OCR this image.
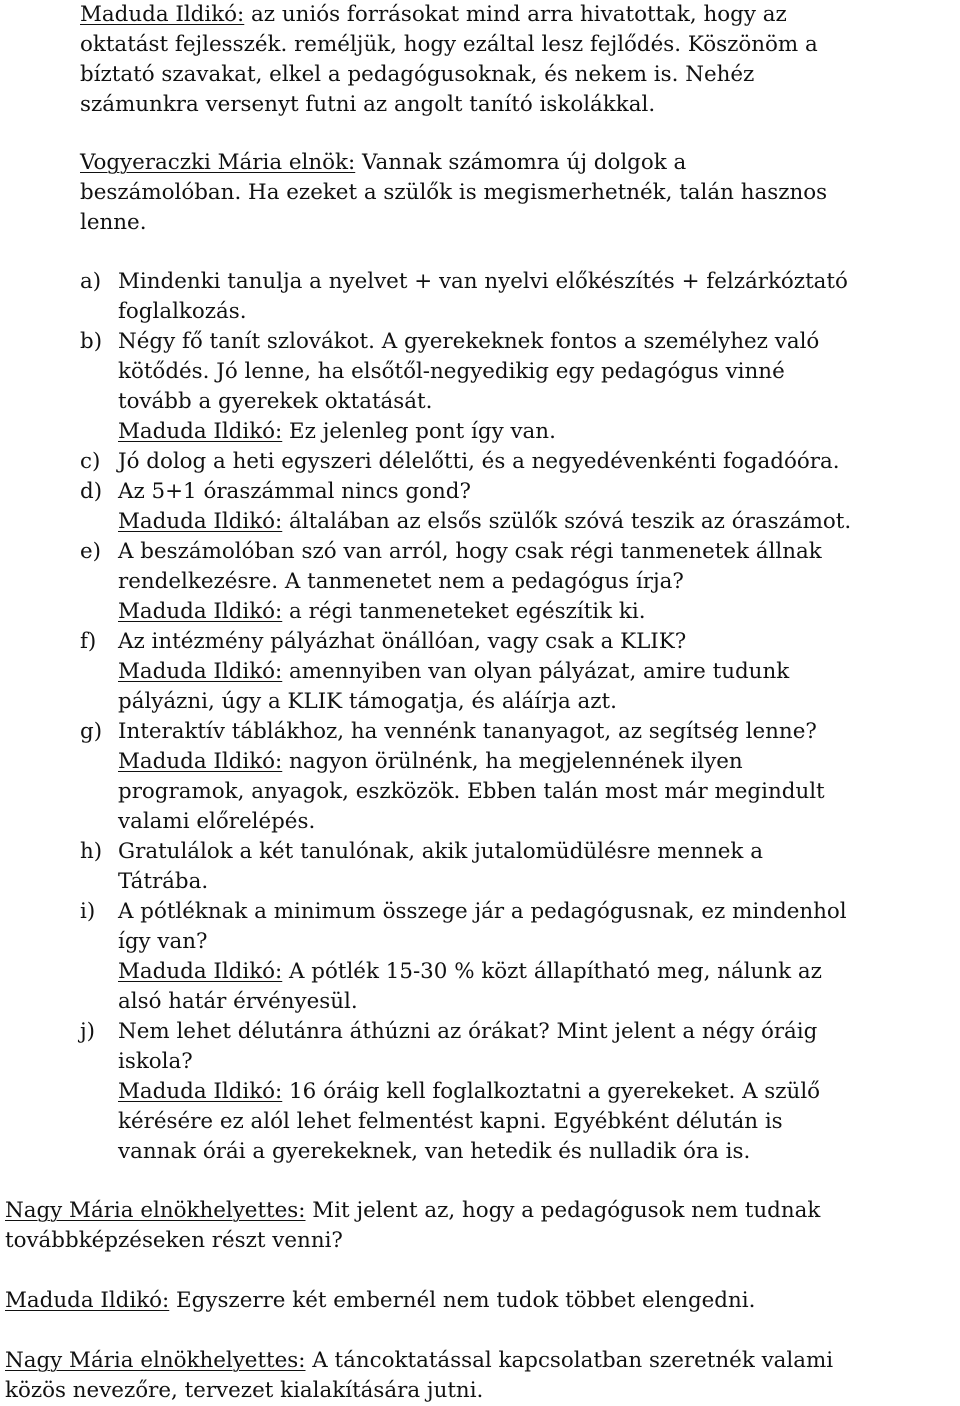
Maduda Ildikó: az uniós forrásokat mind arra hivatottak, hogy az
oktatást fejlesszék. reméljük, hogy ezáltal lesz fejlődés. Köszönöm a
bíztató szavakat, elkel a pedagógusoknak, és nekem is. Nehéz
számunkra versenyt futni az angolt tanító iskolákkal.
Vogyeraczki Mária elnök: Vannak számomra új dolgok a
beszámolóban. Ha ezeket a szülők is megismerhetnék, talán hasznos
lenne.
a) Mindenki tanulja a nyelvet + van nyelvi előkészítés + felzárkóztató
foglalkozás.
b) Négy fő tanít szlovákot. A gyerekeknek fontos a személyhez való
kötődés. Jó lenne, ha elsőtől-negyedikig egy pedagógus vinné
tovább a gyerekek oktatását.
Maduda Ildikó: Ez jelenleg pont így van.
c) Jó dolog a heti egyszeri délelőtti, és a negyedévenkénti fogadóóra.
d) Az 5+1 óraszámmal nincs gond?
Maduda Ildikó: általában az elsős szülők szóvá teszik az óraszámot.
e) A beszámolóban szó van arról, hogy csak régi tanmenetek állnak
rendelkezésre. A tanmenetet nem a pedagógus írja?
Maduda Ildikó: a régi tanmeneteket egészítik ki.
f)	Az intézmény pályázhat önállóan, vagy csak a KLIK?
Maduda Ildikó: amennyiben van olyan pályázat, amire tudunk
pályázni, úgy a KLIK támogatja, és aláírja azt.
g) Interaktív táblákhoz, ha vennénk tananyagot, az segítség lenne?
Maduda Ildikó: nagyon örülnénk, ha megjelennének ilyen
programok, anyagok, eszközök. Ebben talán most már megindult
valami előrelépés.
h) Gratulálok a két tanulónak, akik jutalomüdülésre mennek a
Tátrába.
i)	A pótléknak a minimum összege jár a pedagógusnak, ez mindenhol
így van?
Maduda Ildikó: A pótlék 15-30 % közt állapítható meg, nálunk az
alsó határ érvényesül.
j)	Nem lehet délutánra áthúzni az órákat? Mint jelent a négy óráig
iskola?
Maduda Ildikó: 16 óráig kell foglalkoztatni a gyerekeket. A szülő
kérésére ez alól lehet felmentést kapni. Egyébként délután is
vannak órái a gyerekeknek, van hetedik és nulladik óra is.
Nagy Mária elnökhelyettes: Mit jelent az, hogy a pedagógusok nem tudnak
továbbképzéseken részt venni?
Maduda Ildikó: Egyszerre két embernél nem tudok többet elengedni.
Nagy Mária elnökhelyettes: A táncoktatással kapcsolatban szeretnék valami
közös nevezőre, tervezet kialakítására jutni.
